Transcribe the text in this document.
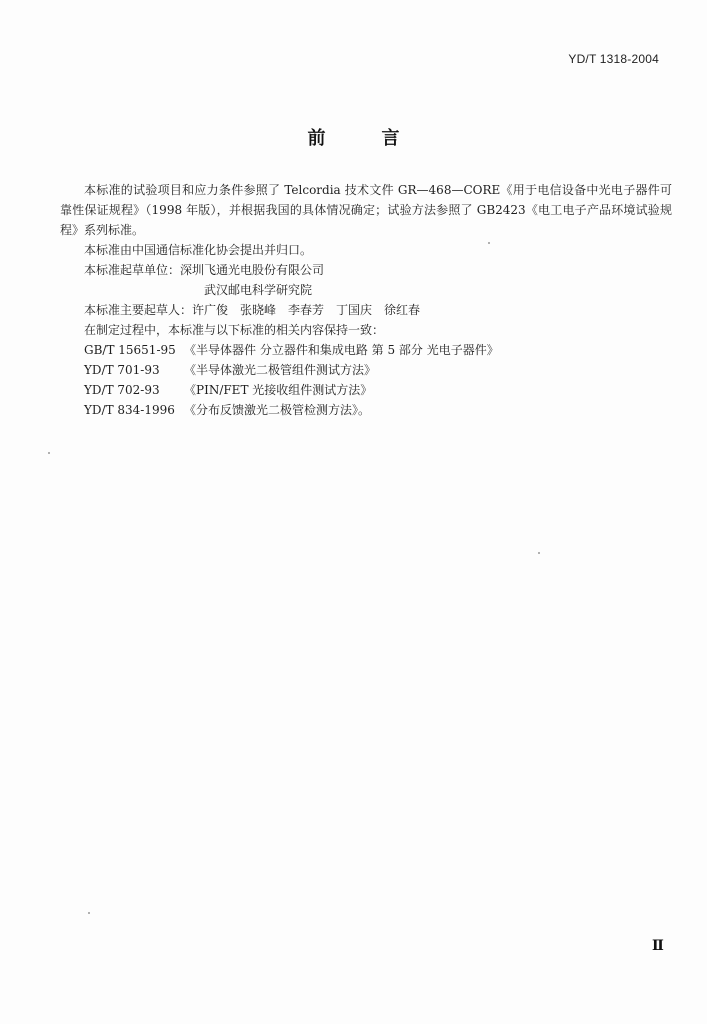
YD/T 1318-2004
前言

本标准的试验项目和应力条件参照了 Telcordia 技术文件 GR—468—CORE《用于电信设备中光电子器件可靠性保证规程》（1998 年版），并根据我国的具体情况确定；试验方法参照了 GB2423《电工电子产品环境试验规程》系列标准。

本标准由中国通信标准化协会提出并归口。

本标准起草单位：深圳飞通光电股份有限公司

武汉邮电科学研究院

本标准主要起草人：许广俊　张晓峰　李春芳　丁国庆　徐红春

在制定过程中，本标准与以下标准的相关内容保持一致：

GB/T 15651-95 《半导体器件 分立器件和集成电路 第 5 部分 光电子器件》

YD/T 701-93 《半导体激光二极管组件测试方法》

YD/T 702-93 《PIN/FET 光接收组件测试方法》

YD/T 834-1996 《分布反馈激光二极管检测方法》。

Ⅱ
